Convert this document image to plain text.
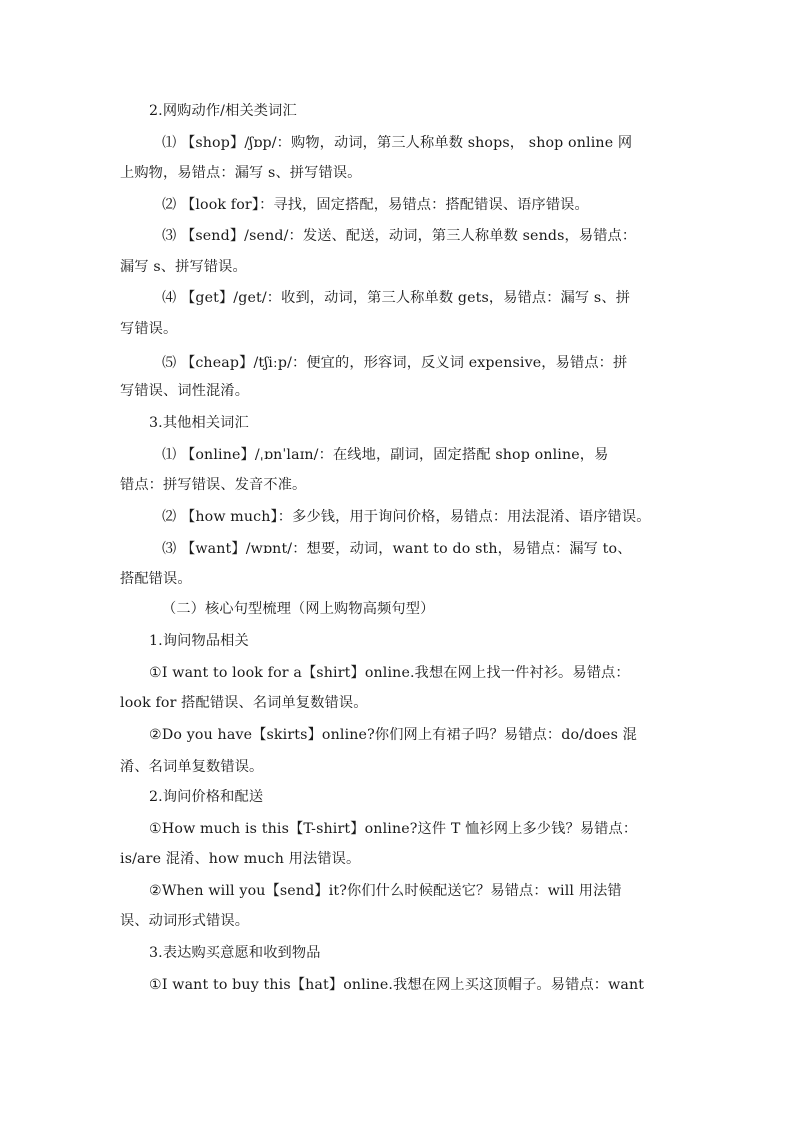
2.网购动作/相关类词汇
⑴ 【shop】/ʃɒp/：购物，动词，第三人称单数 shops， shop online 网
上购物，易错点：漏写 s、拼写错误。
⑵ 【look for】：寻找，固定搭配，易错点：搭配错误、语序错误。
⑶ 【send】/send/：发送、配送，动词，第三人称单数 sends，易错点：
漏写 s、拼写错误。
⑷ 【get】/get/：收到，动词，第三人称单数 gets，易错点：漏写 s、拼
写错误。
⑸ 【cheap】/tʃiːp/：便宜的，形容词，反义词 expensive，易错点：拼
写错误、词性混淆。
3.其他相关词汇
⑴ 【online】/ˌɒnˈlaɪn/：在线地，副词，固定搭配 shop online，易
错点：拼写错误、发音不准。
⑵ 【how much】：多少钱，用于询问价格，易错点：用法混淆、语序错误。
⑶ 【want】/wɒnt/：想要，动词，want to do sth，易错点：漏写 to、
搭配错误。
（二）核心句型梳理（网上购物高频句型）
1.询问物品相关
①I want to look for a【shirt】online.我想在网上找一件衬衫。易错点：
look for 搭配错误、名词单复数错误。
②Do you have【skirts】online?你们网上有裙子吗？易错点：do/does 混
淆、名词单复数错误。
2.询问价格和配送
①How much is this【T-shirt】online?这件 T 恤衫网上多少钱？易错点：
is/are 混淆、how much 用法错误。
②When will you【send】it?你们什么时候配送它？易错点：will 用法错
误、动词形式错误。
3.表达购买意愿和收到物品
①I want to buy this【hat】online.我想在网上买这顶帽子。易错点：want
